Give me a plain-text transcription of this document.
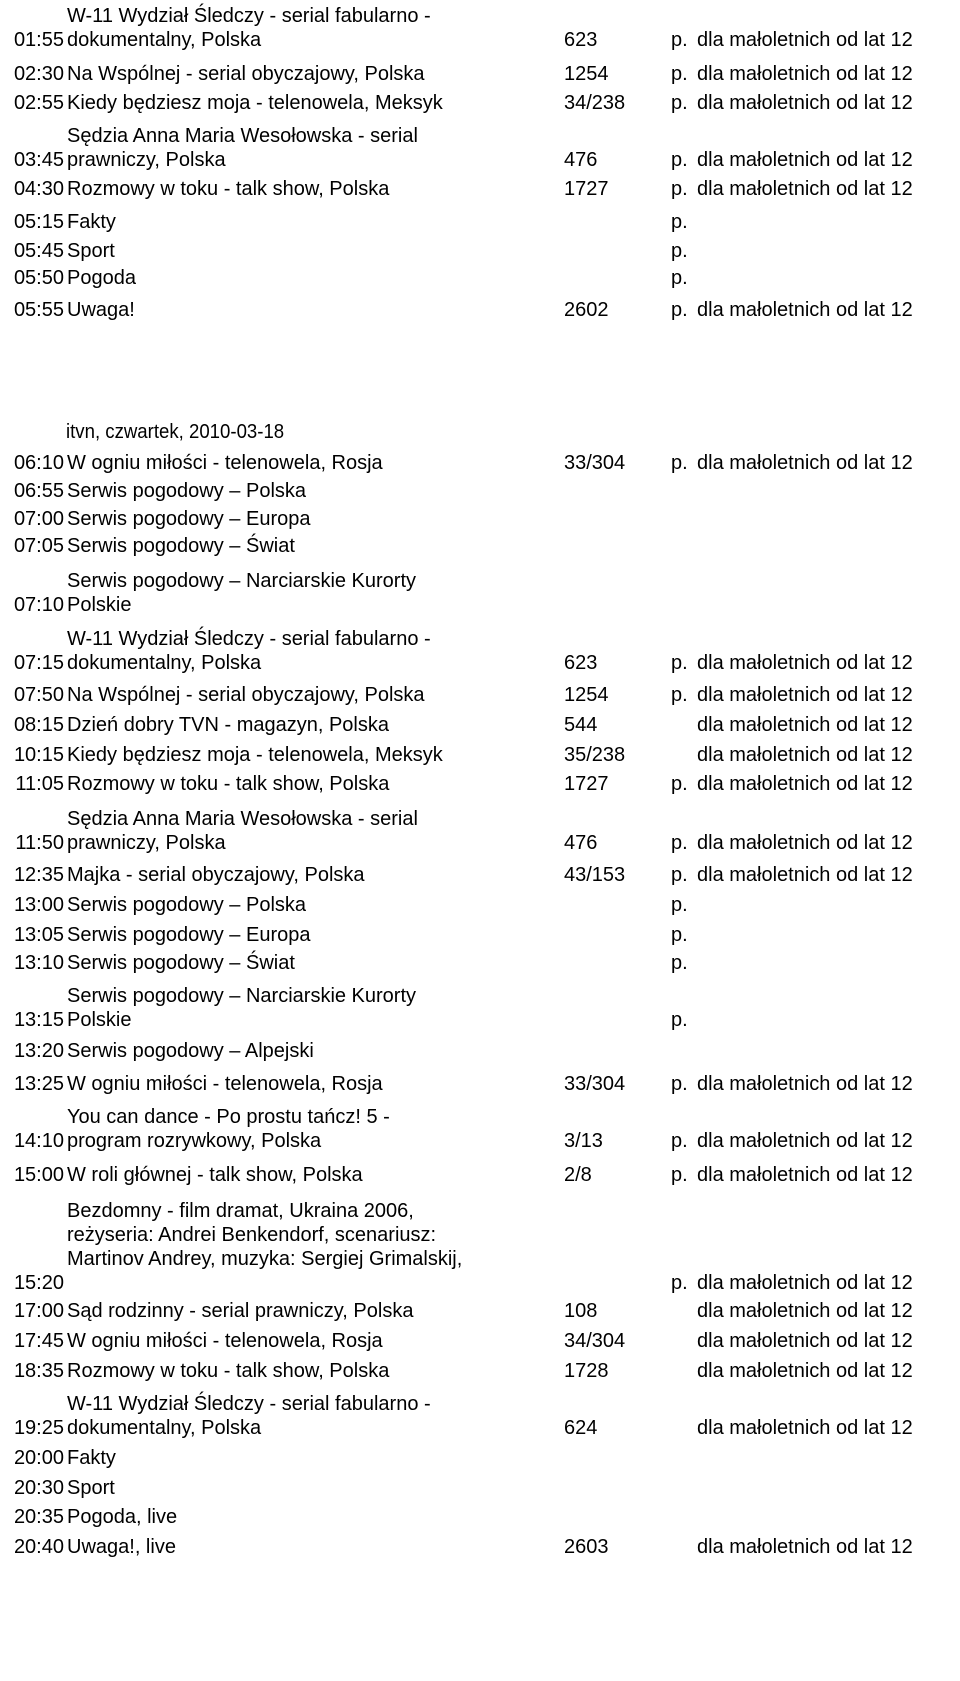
itvn, czwartek, 2010-03-18
01:55
W-11 Wydział Śledczy - serial fabularno -
dokumentalny, Polska	623	p. dla małoletnich od lat 12
02:30 Na Wspólnej - serial obyczajowy, Polska	1254	p. dla małoletnich od lat 12
02:55 Kiedy będziesz moja - telenowela, Meksyk	34/238 p. dla małoletnich od lat 12
03:45
Sędzia Anna Maria Wesołowska - serial
prawniczy, Polska	476	p. dla małoletnich od lat 12
04:30 Rozmowy w toku - talk show, Polska	1727	p. dla małoletnich od lat 12
05:15 Fakty	p.
05:45 Sport	p.
05:50 Pogoda	p.
05:55 Uwaga!	2602	p. dla małoletnich od lat 12
06:10 W ogniu miłości - telenowela, Rosja	33/304 p. dla małoletnich od lat 12
06:55 Serwis pogodowy – Polska
07:00 Serwis pogodowy – Europa
07:05 Serwis pogodowy – Świat
07:10
Serwis pogodowy – Narciarskie Kurorty
Polskie
07:15
W-11 Wydział Śledczy - serial fabularno -
dokumentalny, Polska	623	p. dla małoletnich od lat 12
07:50 Na Wspólnej - serial obyczajowy, Polska	1254	p. dla małoletnich od lat 12
08:15 Dzień dobry TVN - magazyn, Polska	544	dla małoletnich od lat 12
10:15 Kiedy będziesz moja - telenowela, Meksyk	35/238	dla małoletnich od lat 12
11:05 Rozmowy w toku - talk show, Polska	1727	p. dla małoletnich od lat 12
11:50
Sędzia Anna Maria Wesołowska - serial
prawniczy, Polska	476	p. dla małoletnich od lat 12
12:35 Majka - serial obyczajowy, Polska	43/153 p. dla małoletnich od lat 12
13:00 Serwis pogodowy – Polska	p.
13:05 Serwis pogodowy – Europa	p.
13:10 Serwis pogodowy – Świat	p.
13:15
Serwis pogodowy – Narciarskie Kurorty
Polskie	p.
13:20 Serwis pogodowy – Alpejski
13:25 W ogniu miłości - telenowela, Rosja	33/304 p. dla małoletnich od lat 12
14:10
You can dance - Po prostu tańcz! 5 -
program rozrywkowy, Polska	3/13	p. dla małoletnich od lat 12
15:00 W roli głównej - talk show, Polska	2/8	p. dla małoletnich od lat 12
15:20
Bezdomny - film dramat, Ukraina 2006,
reżyseria: Andrei Benkendorf, scenariusz:
Martinov Andrey, muzyka: Sergiej Grimalskij,

p. dla małoletnich od lat 12
17:00 Sąd rodzinny - serial prawniczy, Polska	108	dla małoletnich od lat 12
17:45 W ogniu miłości - telenowela, Rosja	34/304	dla małoletnich od lat 12
18:35 Rozmowy w toku - talk show, Polska	1728	dla małoletnich od lat 12
19:25
W-11 Wydział Śledczy - serial fabularno -
dokumentalny, Polska	624	dla małoletnich od lat 12
20:00 Fakty
20:30 Sport
20:35 Pogoda, live
20:40 Uwaga!, live	2603	dla małoletnich od lat 12
